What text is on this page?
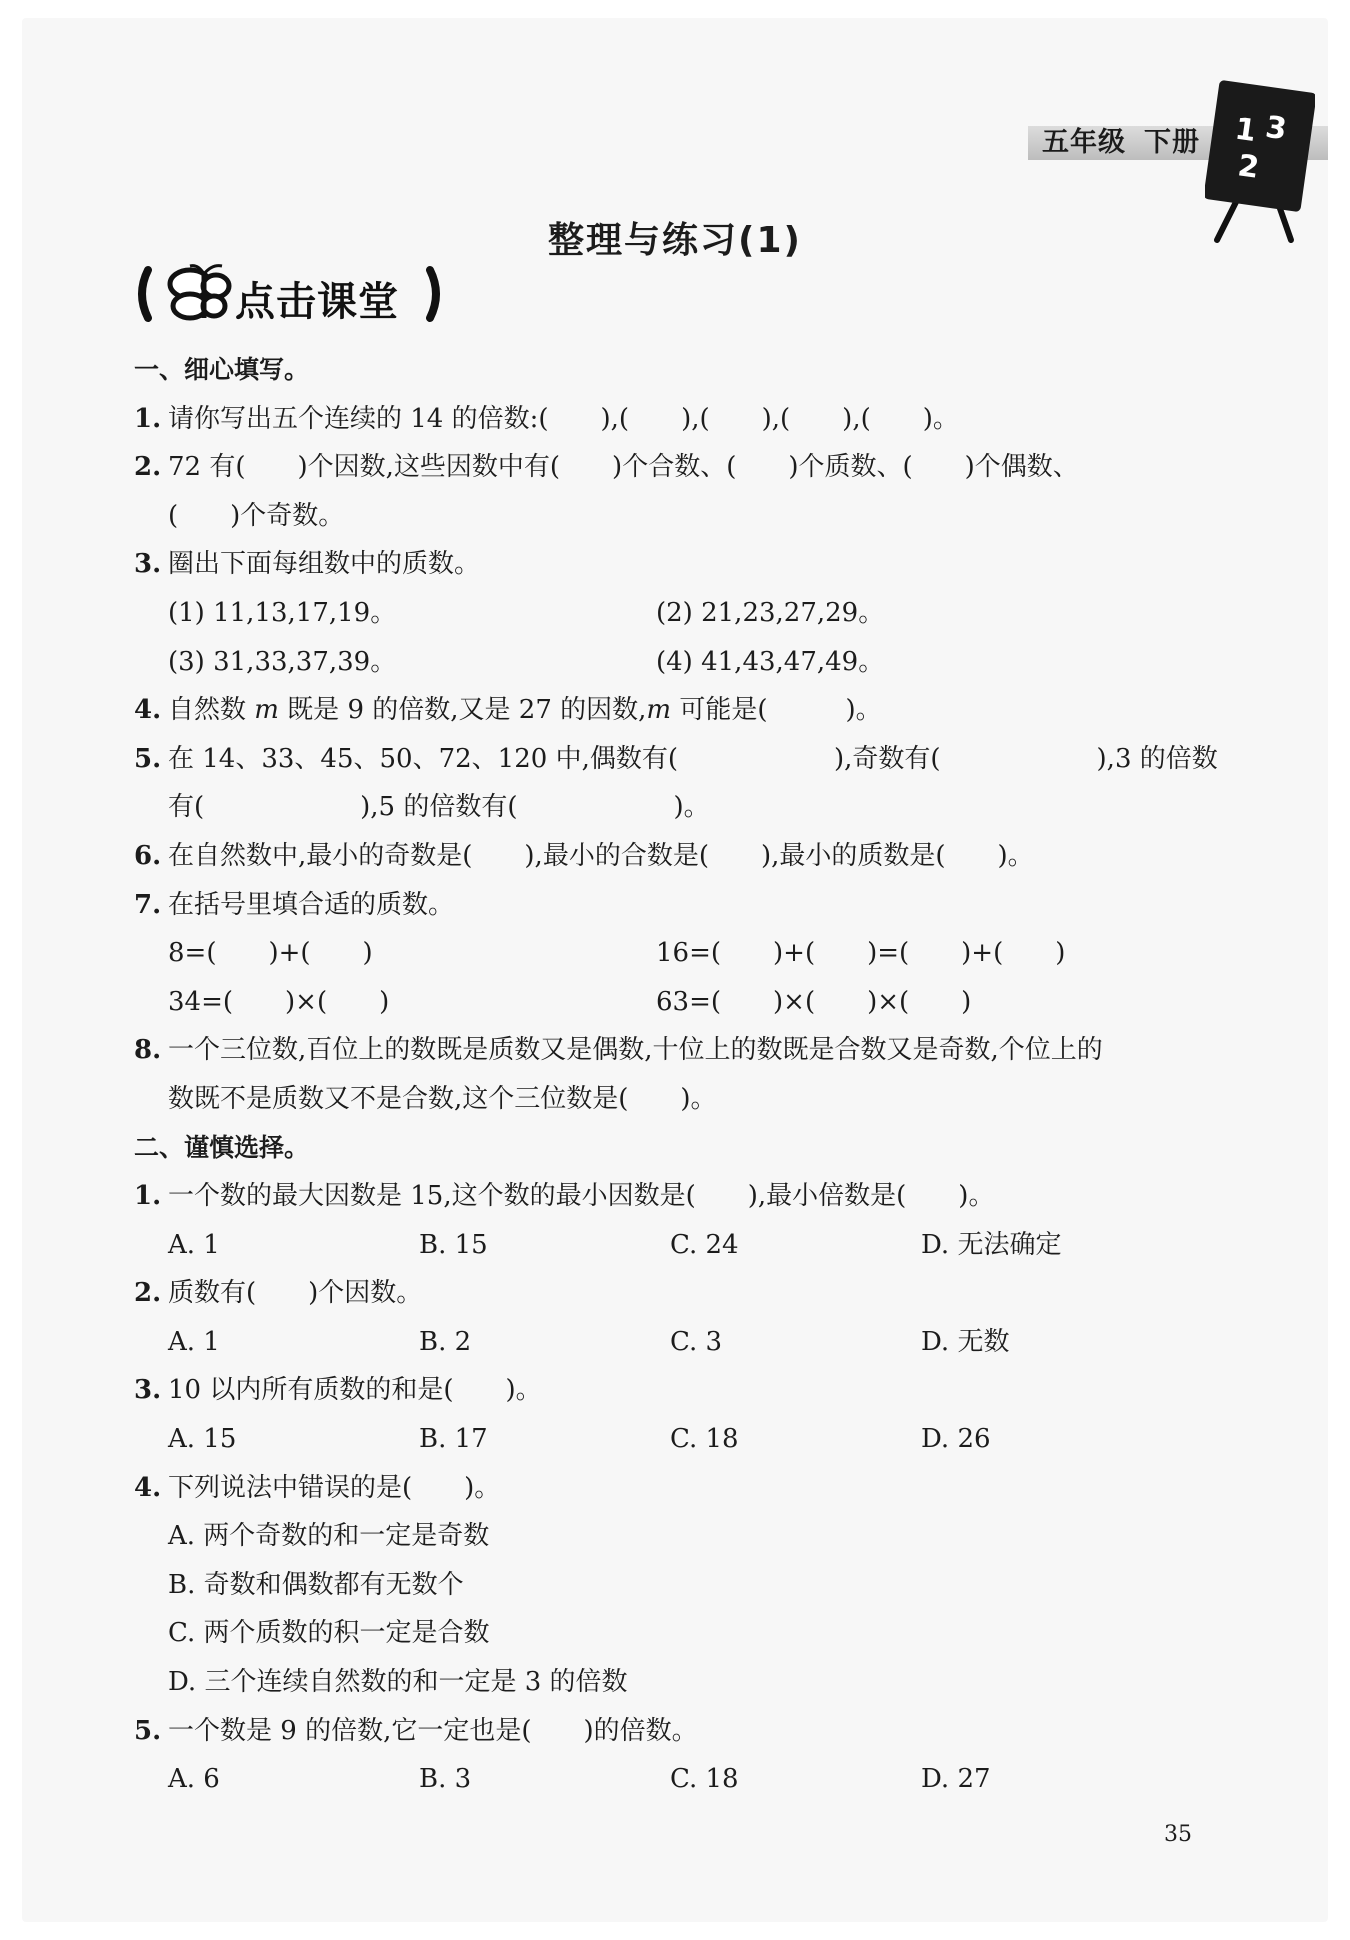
五年级 下册 1 3
2
整理与练习(1)
点击课堂
一、细心填写。
1. 请你写出五个连续的 14 的倍数:(　　),(　　),(　　),(　　),(　　)。
2. 72 有(　　)个因数,这些因数中有(　　)个合数、(　　)个质数、(　　)个偶数、
(　　)个奇数。
3. 圈出下面每组数中的质数。
(1) 11,13,17,19。	(2) 21,23,27,29。
(3) 31,33,37,39。	(4) 41,43,47,49。
4. 自然数 m 既是 9 的倍数,又是 27 的因数,m 可能是(　　　)。
5. 在 14、33、45、50、72、120 中,偶数有(　　　　　　),奇数有(　　　　　　),3 的倍数
有(　　　　　　),5 的倍数有(　　　　　　)。
6. 在自然数中,最小的奇数是(　　),最小的合数是(　　),最小的质数是(　　)。
7. 在括号里填合适的质数。
8=(　　)+(　　)	16=(　　)+(　　)=(　　)+(　　)
34=(　　)×(　　)	63=(　　)×(　　)×(　　)
8. 一个三位数,百位上的数既是质数又是偶数,十位上的数既是合数又是奇数,个位上的
数既不是质数又不是合数,这个三位数是(　　)。
二、谨慎选择。
1. 一个数的最大因数是 15,这个数的最小因数是(　　),最小倍数是(　　)。
A. 1	B. 15	C. 24	D. 无法确定
2. 质数有(　　)个因数。
A. 1	B. 2	C. 3	D. 无数
3. 10 以内所有质数的和是(　　)。
A. 15	B. 17	C. 18	D. 26
4. 下列说法中错误的是(　　)。
A. 两个奇数的和一定是奇数
B. 奇数和偶数都有无数个
C. 两个质数的积一定是合数
D. 三个连续自然数的和一定是 3 的倍数
5. 一个数是 9 的倍数,它一定也是(　　)的倍数。
A. 6	B. 3	C. 18	D. 27
35
